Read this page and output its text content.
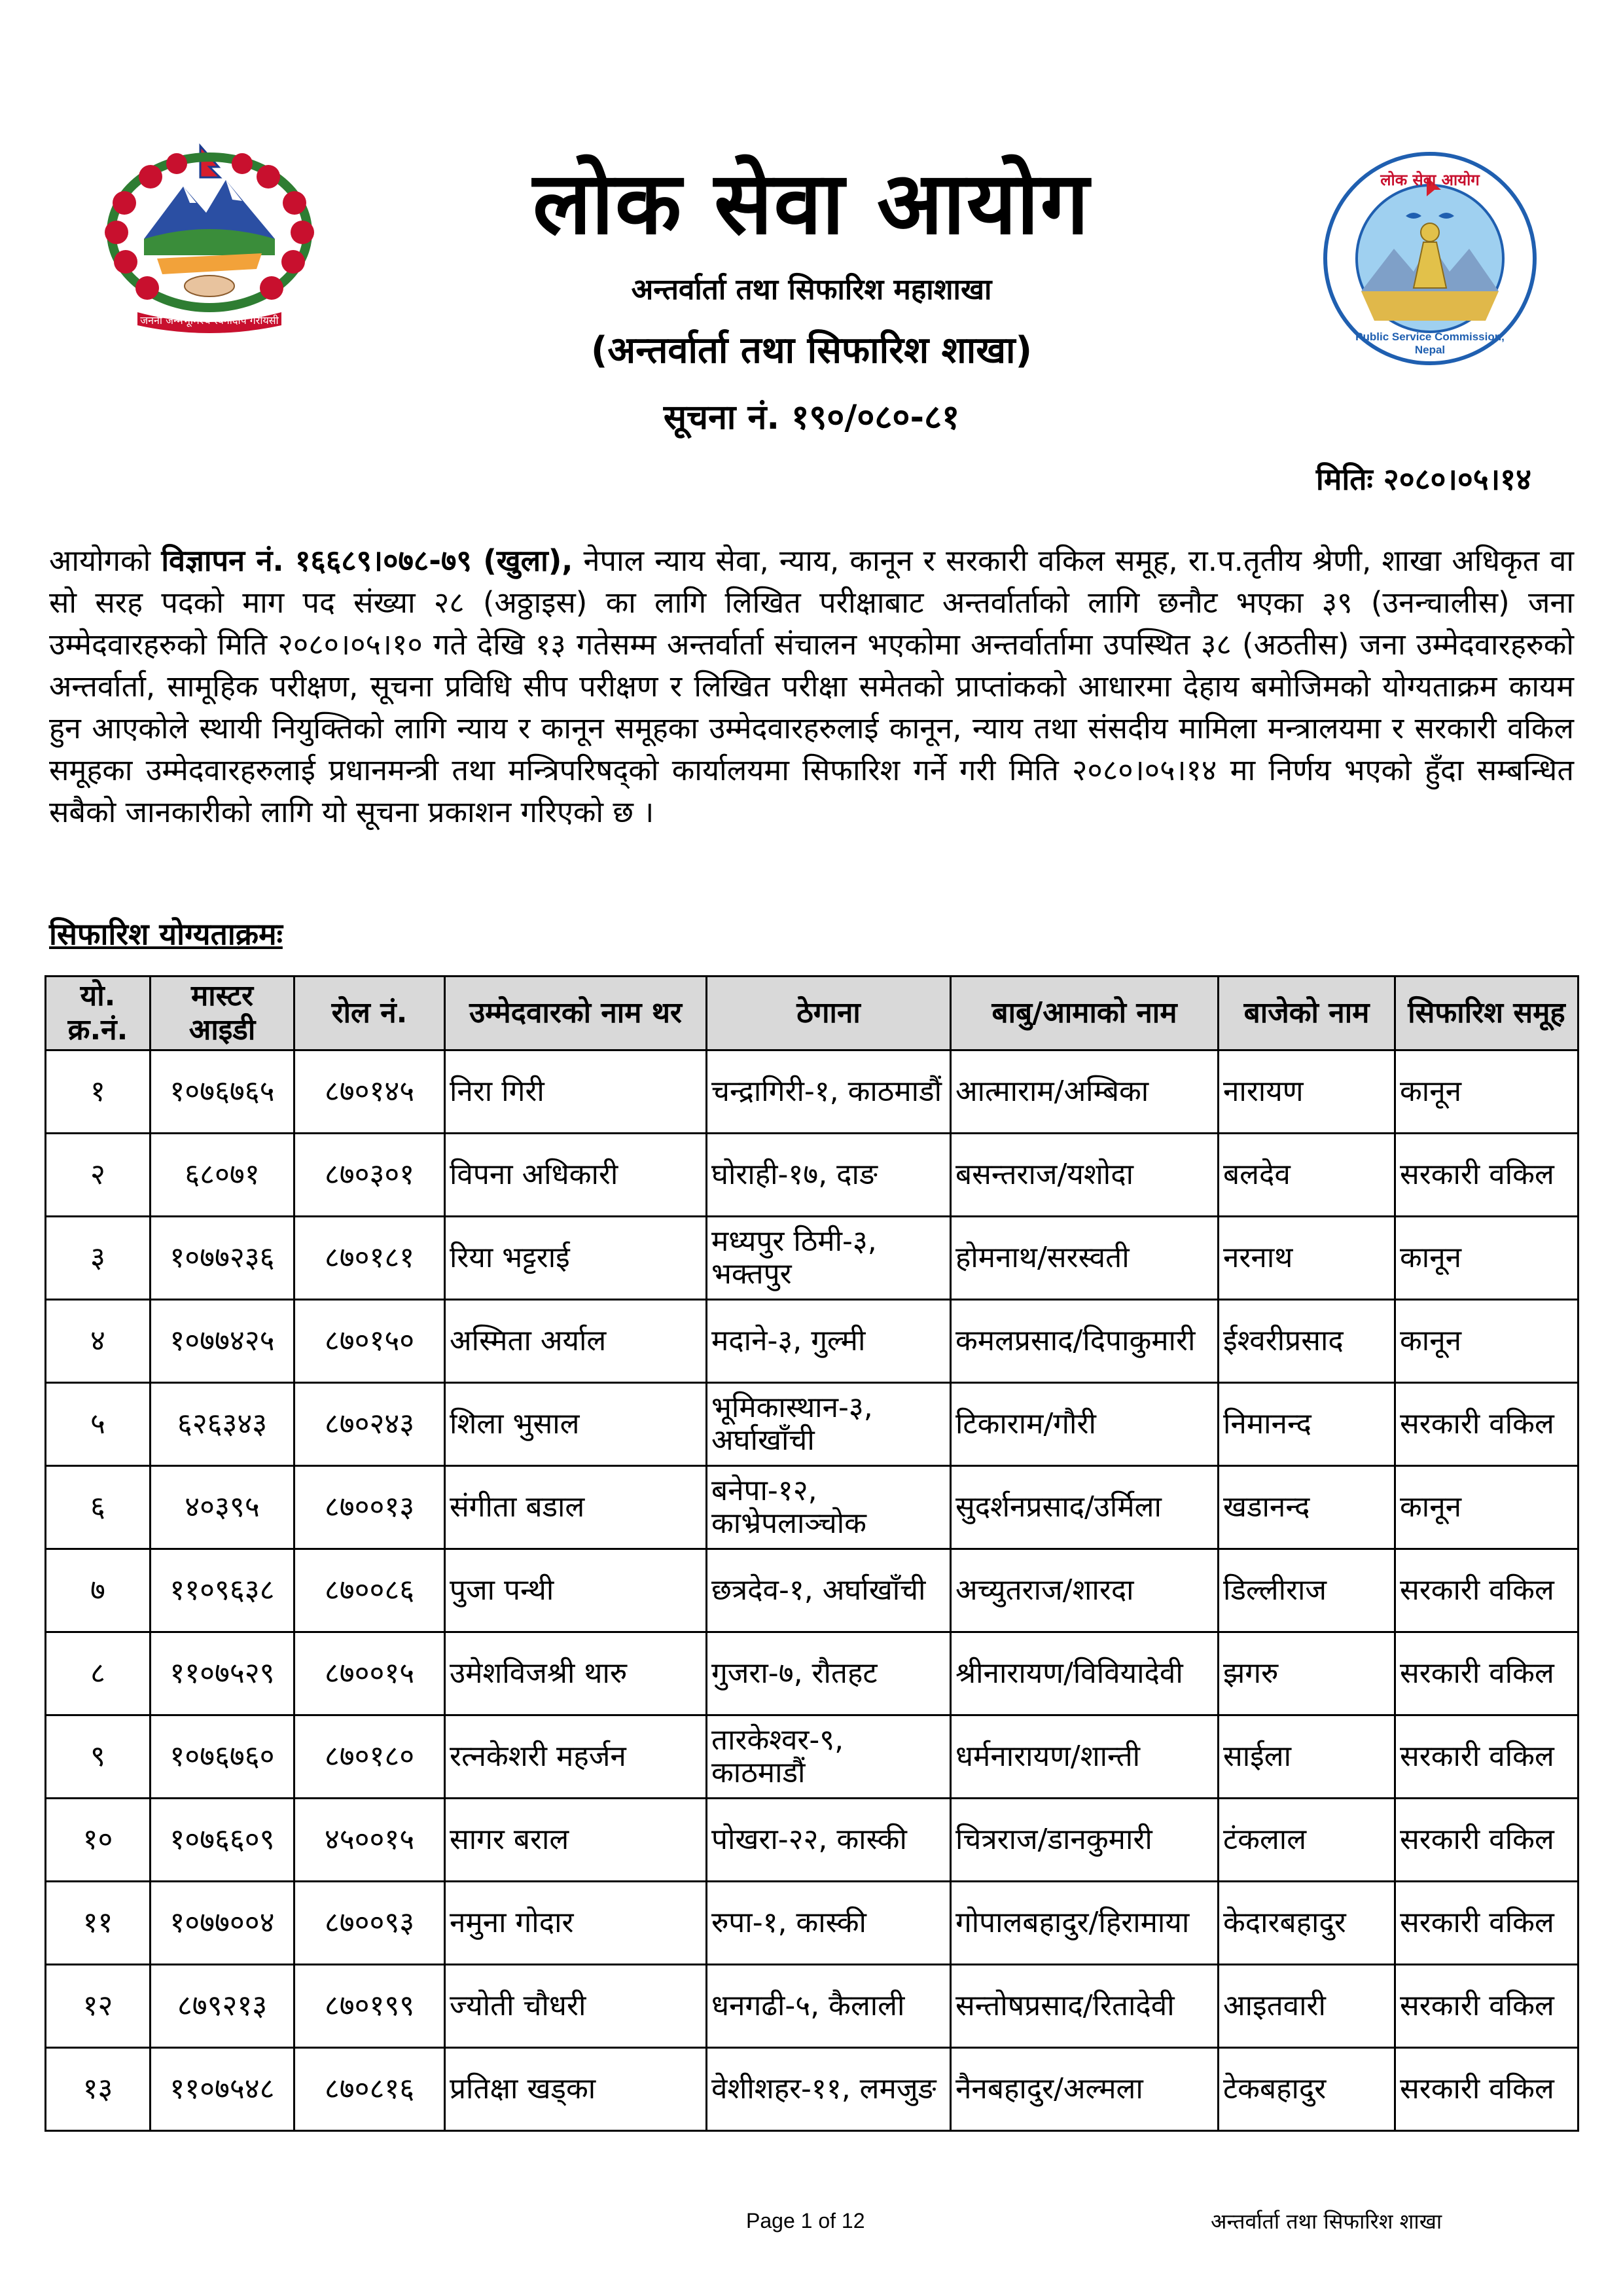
जननी जन्मभूमिश्च स्वर्गादपि गरीयसी
लोक सेवा आयोग
Public Service Commission, Nepal
लोक सेवा आयोग
अन्तर्वार्ता तथा सिफारिश महाशाखा
(अन्तर्वार्ता तथा सिफारिश शाखा)
सूचना नं. १९०/०८०-८१
मितिः २०८०।०५।१४
आयोगको विज्ञापन नं. १६६८९।०७८-७९ (खुला), नेपाल न्याय सेवा, न्याय, कानून र सरकारी वकिल समूह, रा.प.तृतीय श्रेणी, शाखा अधिकृत वा सो सरह पदको माग पद संख्या २८ (अठ्ठाइस) का लागि लिखित परीक्षाबाट अन्तर्वार्ताको लागि छनौट भएका ३९ (उनन्चालीस) जना उम्मेदवारहरुको मिति २०८०।०५।१० गते देखि १३ गतेसम्म अन्तर्वार्ता संचालन भएकोमा अन्तर्वार्तामा उपस्थित ३८ (अठतीस) जना उम्मेदवारहरुको अन्तर्वार्ता, सामूहिक परीक्षण, सूचना प्रविधि सीप परीक्षण र लिखित परीक्षा समेतको प्राप्तांकको आधारमा देहाय बमोजिमको योग्यताक्रम कायम हुन आएकोले स्थायी नियुक्तिको लागि न्याय र कानून समूहका उम्मेदवारहरुलाई कानून, न्याय तथा संसदीय मामिला मन्त्रालयमा र सरकारी वकिल समूहका उम्मेदवारहरुलाई प्रधानमन्त्री तथा मन्त्रिपरिषद्को कार्यालयमा सिफारिश गर्ने गरी मिति २०८०।०५।१४ मा निर्णय भएको हुँदा सम्बन्धित सबैको जानकारीको लागि यो सूचना प्रकाशन गरिएको छ ।
सिफारिश योग्यताक्रमः
यो. क्र.नं.	मास्टर आइडी	रोल नं.	उम्मेदवारको नाम थर	ठेगाना	बाबु/आमाको नाम	बाजेको नाम	सिफारिश समूह
१	१०७६७६५	८७०१४५	निरा गिरी	चन्द्रागिरी-१, काठमाडौं	आत्माराम/अम्बिका	नारायण	कानून
२	६८०७१	८७०३०१	विपना अधिकारी	घोराही-१७, दाङ	बसन्तराज/यशोदा	बलदेव	सरकारी वकिल
३	१०७७२३६	८७०१८१	रिया भट्टराई	मध्यपुर ठिमी-३, भक्तपुर	होमनाथ/सरस्वती	नरनाथ	कानून
४	१०७७४२५	८७०१५०	अस्मिता अर्याल	मदाने-३, गुल्मी	कमलप्रसाद/दिपाकुमारी	ईश्वरीप्रसाद	कानून
५	६२६३४३	८७०२४३	शिला भुसाल	भूमिकास्थान-३, अर्घाखाँची	टिकाराम/गौरी	निमानन्द	सरकारी वकिल
६	४०३९५	८७००१३	संगीता बडाल	बनेपा-१२, काभ्रेपलाञ्चोक	सुदर्शनप्रसाद/उर्मिला	खडानन्द	कानून
७	११०९६३८	८७००८६	पुजा पन्थी	छत्रदेव-१, अर्घाखाँची	अच्युतराज/शारदा	डिल्लीराज	सरकारी वकिल
८	११०७५२९	८७००१५	उमेशविजश्री थारु	गुजरा-७, रौतहट	श्रीनारायण/विवियादेवी	झगरु	सरकारी वकिल
९	१०७६७६०	८७०१८०	रत्नकेशरी महर्जन	तारकेश्वर-९, काठमाडौं	धर्मनारायण/शान्ती	साईला	सरकारी वकिल
१०	१०७६६०९	४५००१५	सागर बराल	पोखरा-२२, कास्की	चित्रराज/डानकुमारी	टंकलाल	सरकारी वकिल
११	१०७७००४	८७००९३	नमुना गोदार	रुपा-१, कास्की	गोपालबहादुर/हिरामाया	केदारबहादुर	सरकारी वकिल
१२	८७९२१३	८७०१९९	ज्योती चौधरी	धनगढी-५, कैलाली	सन्तोषप्रसाद/रितादेवी	आइतवारी	सरकारी वकिल
१३	११०७५४८	८७०८१६	प्रतिक्षा खड्का	वेशीशहर-११, लमजुङ	नैनबहादुर/अल्मला	टेकबहादुर	सरकारी वकिल
Page 1 of 12	अन्तर्वार्ता तथा सिफारिश शाखा
